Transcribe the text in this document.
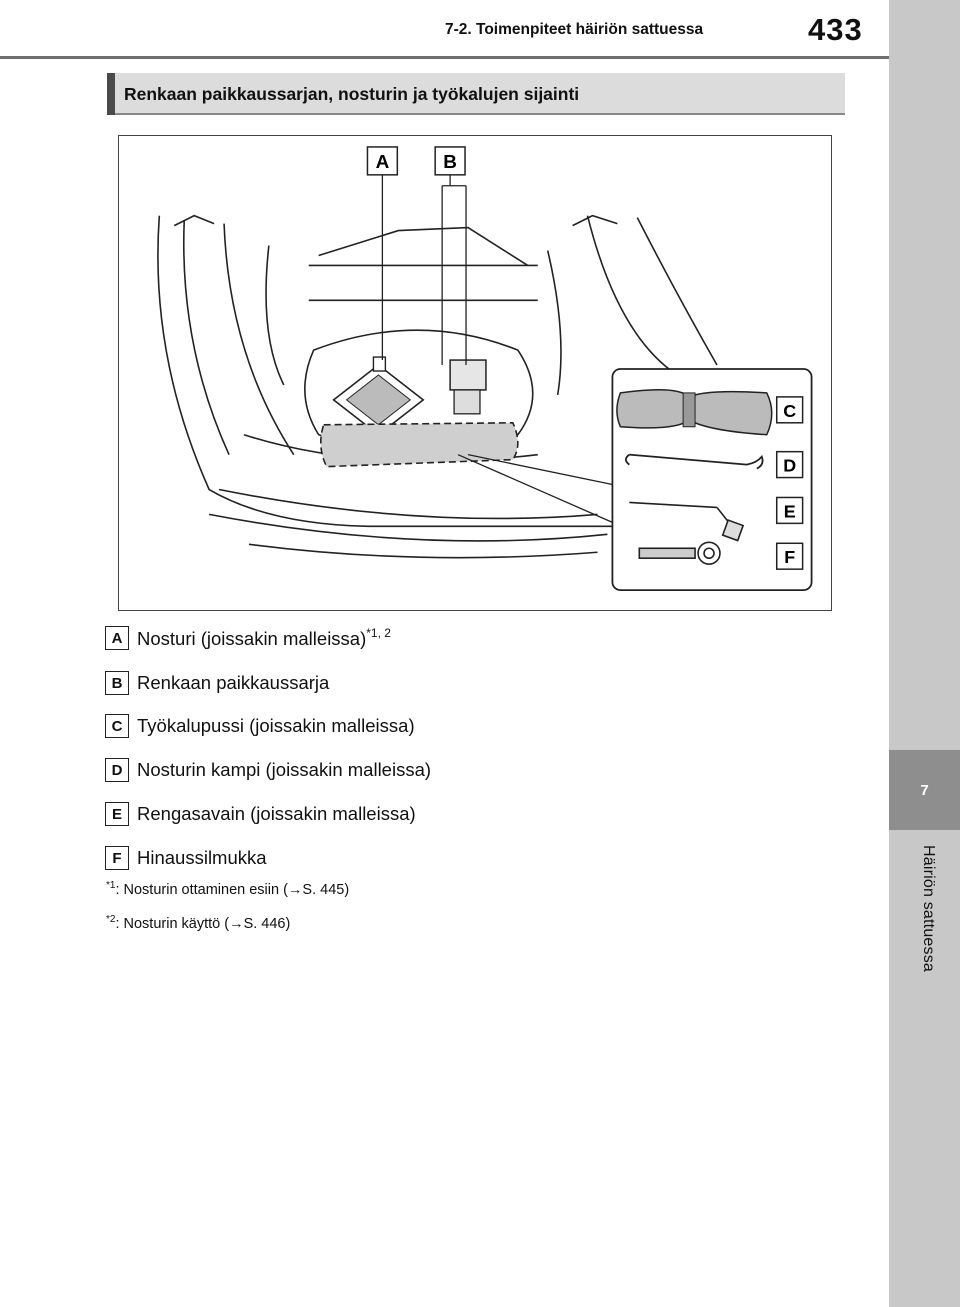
7
Häiriön sattuessa
7-2. Toimenpiteet häiriön sattuessa	433
Renkaan paikkaussarjan, nosturin ja työkalujen sijainti
A	B
C
D
E
F
A Nosturi (joissakin malleissa)$^{*1, 2}$
B Renkaan paikkaussarja
C Työkalupussi (joissakin malleissa)
D Nosturin kampi (joissakin malleissa)
E Rengasavain (joissakin malleissa)
F Hinaussilmukka
$^{*1}$: Nosturin ottaminen esiin (→S. 445)
$^{*2}$: Nosturin käyttö (→S. 446)
